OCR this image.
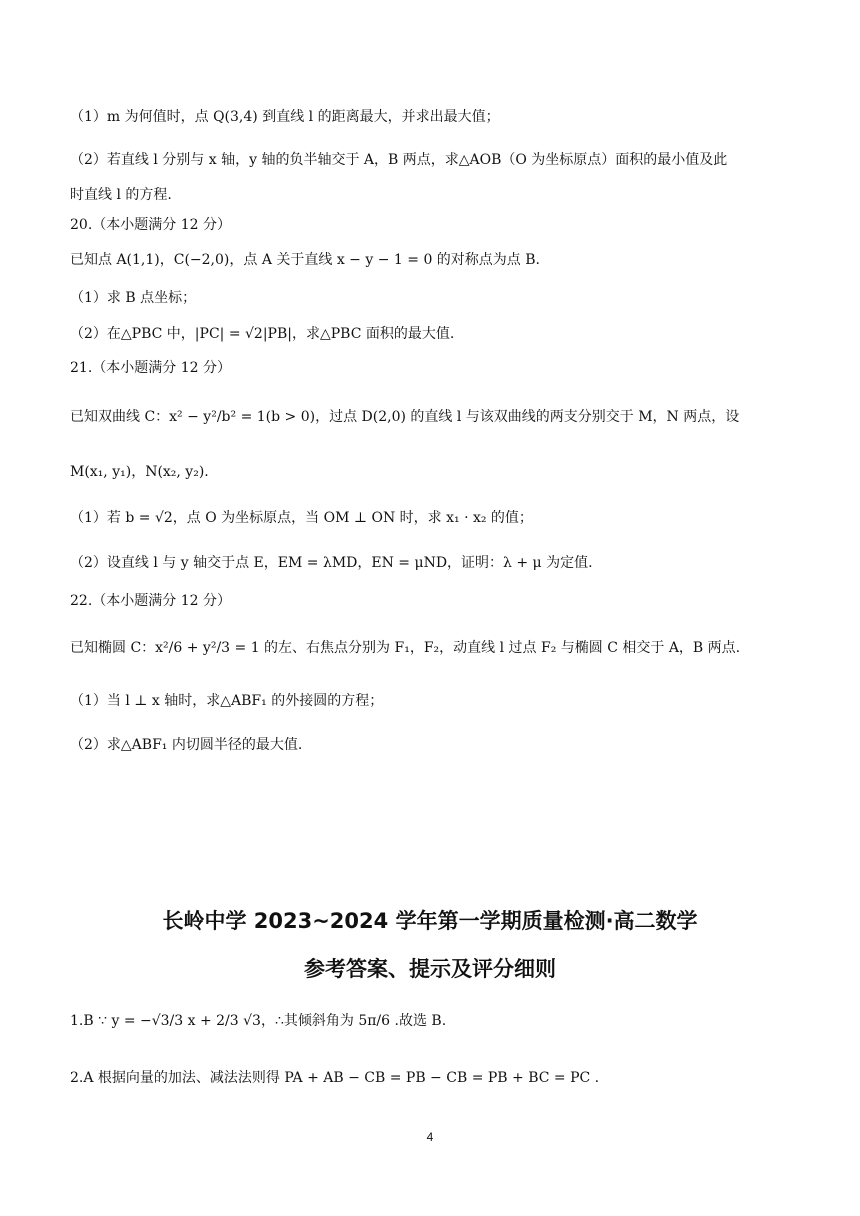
（1）m 为何值时，点 Q(3,4) 到直线 l 的距离最大，并求出最大值；
（2）若直线 l 分别与 x 轴，y 轴的负半轴交于 A，B 两点，求△AOB（O 为坐标原点）面积的最小值及此
时直线 l 的方程.
20.（本小题满分 12 分）
已知点 A(1,1)，C(−2,0)，点 A 关于直线 x − y − 1 = 0 的对称点为点 B.
（1）求 B 点坐标；
（2）在△PBC 中，|PC| = √2|PB|，求△PBC 面积的最大值.
21.（本小题满分 12 分）
已知双曲线 C：x² − y²/b² = 1(b > 0)，过点 D(2,0) 的直线 l 与该双曲线的两支分别交于 M，N 两点，设
M(x₁, y₁)，N(x₂, y₂).
（1）若 b = √2，点 O 为坐标原点，当 OM ⊥ ON 时，求 x₁ · x₂ 的值；
（2）设直线 l 与 y 轴交于点 E，EM = λMD，EN = μND，证明：λ + μ 为定值.
22.（本小题满分 12 分）
已知椭圆 C：x²/6 + y²/3 = 1 的左、右焦点分别为 F₁，F₂，动直线 l 过点 F₂ 与椭圆 C 相交于 A，B 两点.
（1）当 l ⊥ x 轴时，求△ABF₁ 的外接圆的方程；
（2）求△ABF₁ 内切圆半径的最大值.
长岭中学 2023~2024 学年第一学期质量检测·高二数学
参考答案、提示及评分细则
1.B ∵ y = −√3/3 x + 2/3 √3，∴其倾斜角为 5π/6 .故选 B.
2.A 根据向量的加法、减法法则得 PA + AB − CB = PB − CB = PB + BC = PC .
4
